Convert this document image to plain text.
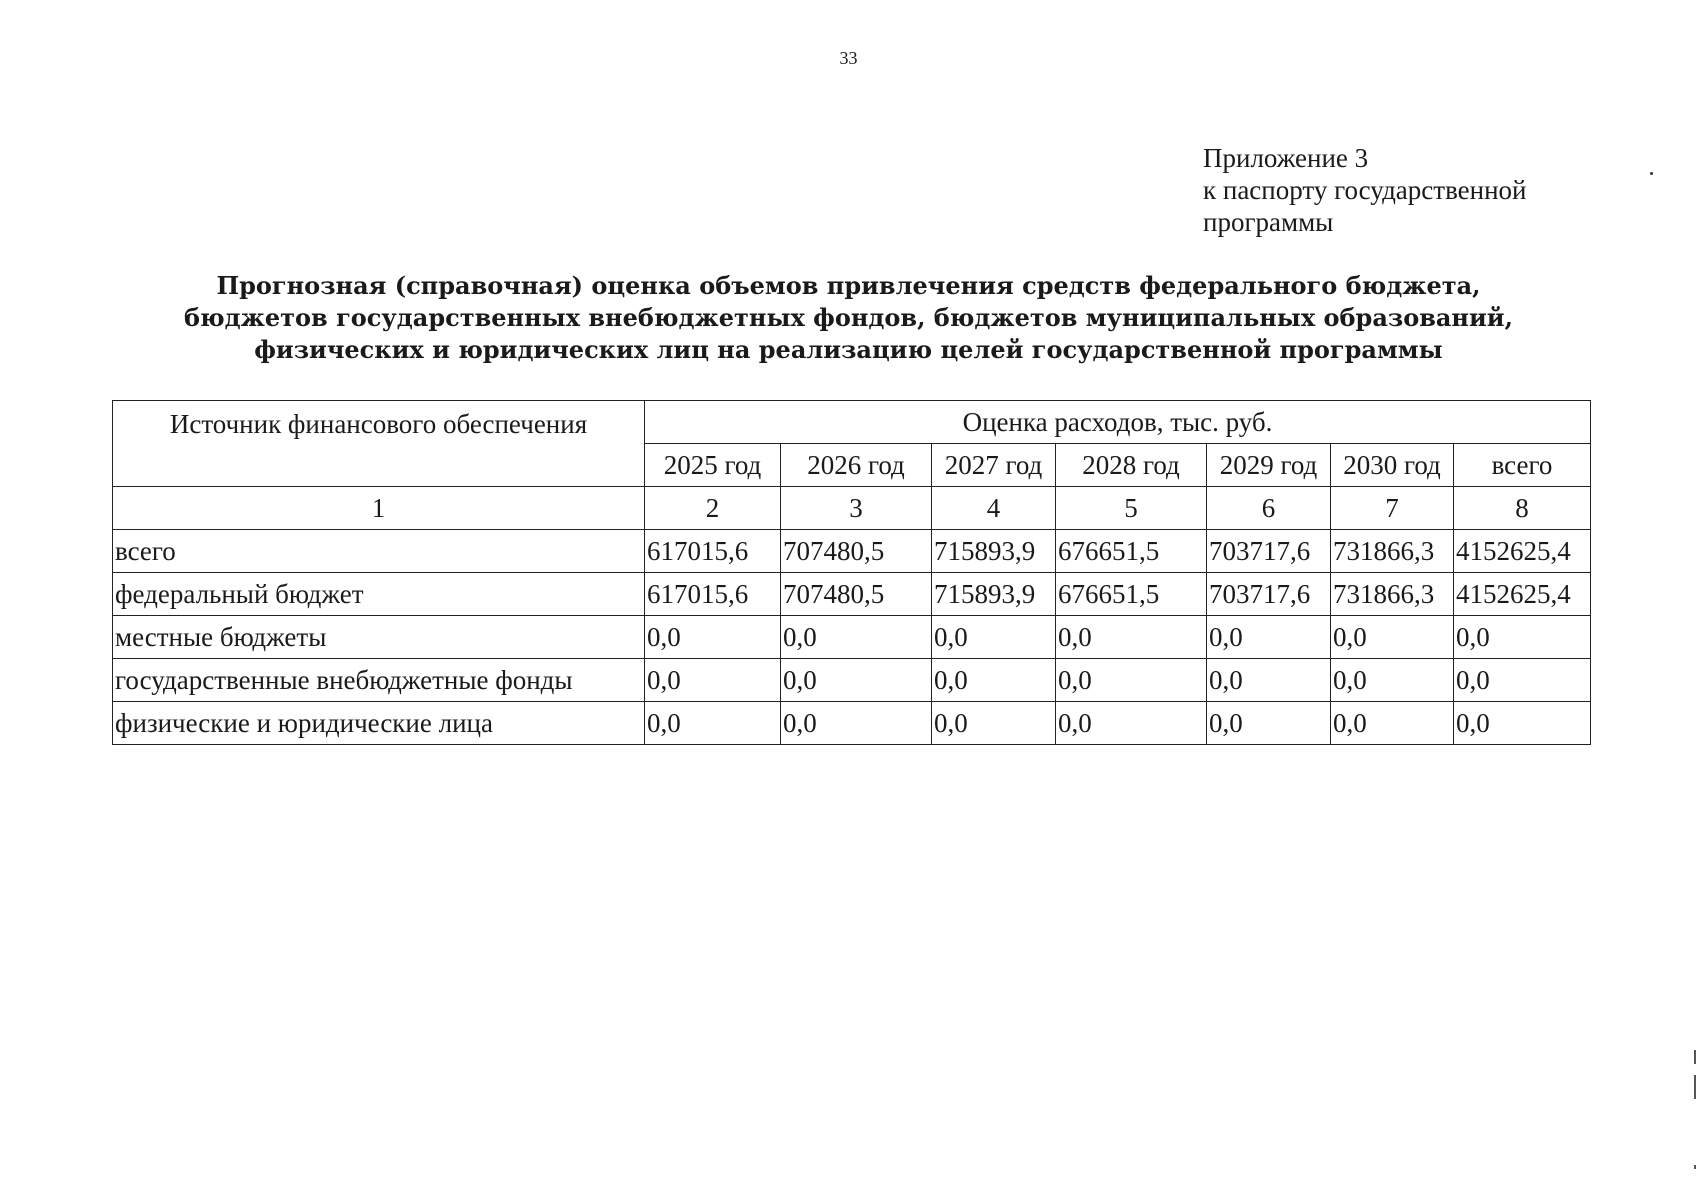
33
Приложение 3
к паспорту государственной
программы
Прогнозная (справочная) оценка объемов привлечения средств федерального бюджета,
бюджетов государственных внебюджетных фондов, бюджетов муниципальных образований,
физических и юридических лиц на реализацию целей государственной программы
Источник финансового обеспечения	Оценка расходов, тыс. руб.						
	2025 год	2026 год	2027 год	2028 год	2029 год	2030 год	всего
1	2	3	4	5	6	7	8
всего	617015,6	707480,5	715893,9	676651,5	703717,6	731866,3	4152625,4
федеральный бюджет	617015,6	707480,5	715893,9	676651,5	703717,6	731866,3	4152625,4
местные бюджеты	0,0	0,0	0,0	0,0	0,0	0,0	0,0
государственные внебюджетные фонды	0,0	0,0	0,0	0,0	0,0	0,0	0,0
физические и юридические лица	0,0	0,0	0,0	0,0	0,0	0,0	0,0
